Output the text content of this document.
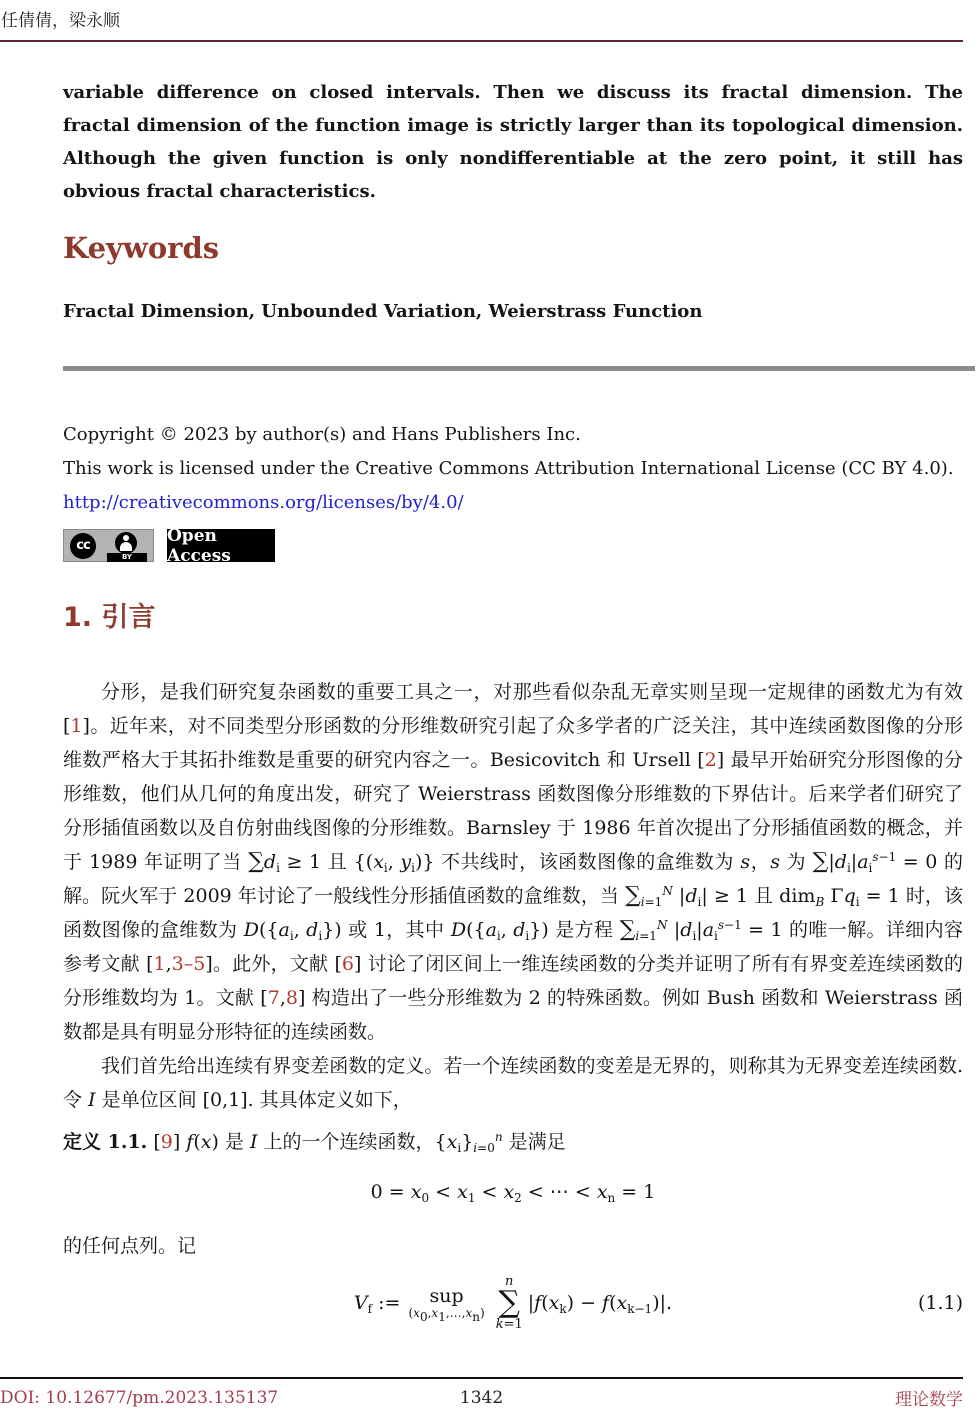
任倩倩，梁永顺

variable difference on closed intervals. Then we discuss its fractal dimension. The fractal dimension of the function image is strictly larger than its topological dimension. Although the given function is only nondifferentiable at the zero point, it still has obvious fractal characteristics.

Keywords

Fractal Dimension, Unbounded Variation, Weierstrass Function

Copyright © 2023 by author(s) and Hans Publishers Inc.

This work is licensed under the Creative Commons Attribution International License (CC BY 4.0).

http://creativecommons.org/licenses/by/4.0/

cc
BY
Open Access
1. 引言

分形，是我们研究复杂函数的重要工具之一，对那些看似杂乱无章实则呈现一定规律的函数尤为有效 [1]。近年来，对不同类型分形函数的分形维数研究引起了众多学者的广泛关注，其中连续函数图像的分形维数严格大于其拓扑维数是重要的研究内容之一。Besicovitch 和 Ursell [2] 最早开始研究分形图像的分形维数，他们从几何的角度出发，研究了 Weierstrass 函数图像分形维数的下界估计。后来学者们研究了分形插值函数以及自仿射曲线图像的分形维数。Barnsley 于 1986 年首次提出了分形插值函数的概念，并于 1989 年证明了当 $\sum d_i \ge 1$ 且 {($x_i$, $y_i$)} 不共线时，该函数图像的盒维数为 s，s 为 $\sum|d_i|a_i^{s-1} = 0$ 的解。阮火军于 2009 年讨论了一般线性分形插值函数的盒维数，当 $\sum_{i=1}^N$ $|d_i| \ge 1$ 且 dim$_B$ $\Gamma q_i = 1$ 时，该函数图像的盒维数为 $D(\{a_i$, $d_i$}) 或 1，其中 $D(\{a_i$, $d_i$}) 是方程 $\sum_{i=1}^N$ $|d_i|a_i^{s-1} = 1$ 的唯一解。详细内容参考文献 [1,3–5]。此外，文献 [6] 讨论了闭区间上一维连续函数的分类并证明了所有有界变差连续函数的分形维数均为 1。文献 [7,8] 构造出了一些分形维数为 2 的特殊函数。例如 Bush 函数和 Weierstrass 函数都是具有明显分形特征的连续函数。

我们首先给出连续有界变差函数的定义。若一个连续函数的变差是无界的，则称其为无界变差连续函数. 令 I 是单位区间 [0,1]. 其具体定义如下，

定义 1.1. [9] f(x) 是 I 上的一个连续函数，$\{x_i\}_{i=0}^n$ 是满足

$0 = x_0 < x_1 < x_2$ < ⋯ < $x_n = 1$

的任何点列。记

$V_f$ := sup
$(x_0,x_1,\dots,x_n)$
n
∑
k=1
$|f(x_k) - f(x_{k-1})|$.	(1.1)
DOI: 10.12677/pm.2023.135137	1342	理论数学
